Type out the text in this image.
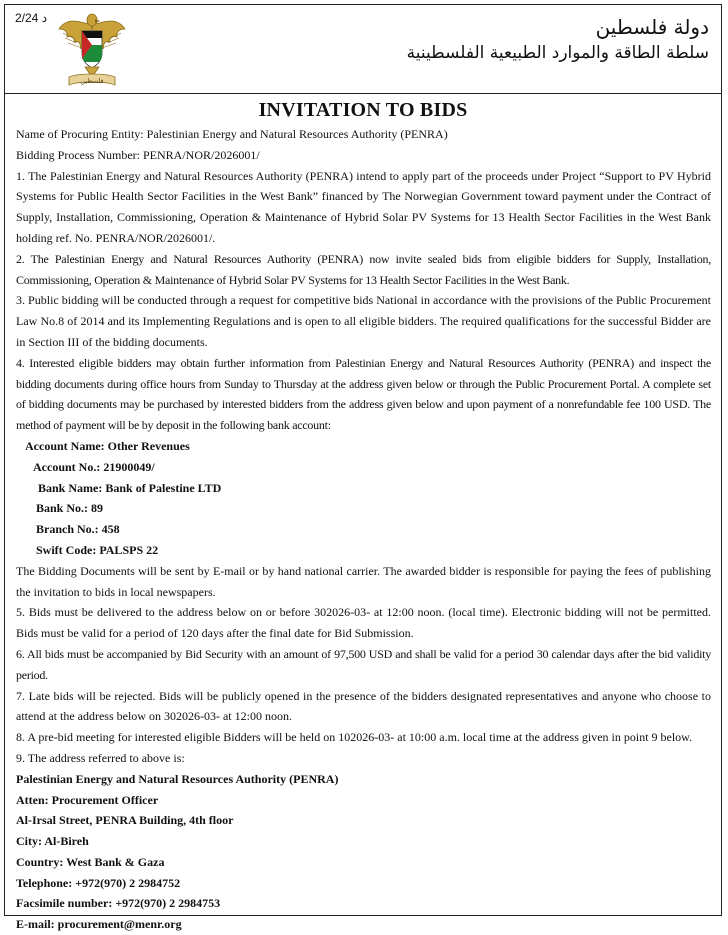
2/24 د
فلسطين
دولة فلسطين
سلطة الطاقة والموارد الطبيعية الفلسطينية
INVITATION TO BIDS

Name of Procuring Entity: Palestinian Energy and Natural Resources Authority (PENRA)

Bidding Process Number: PENRA/NOR/2026001/

1. The Palestinian Energy and Natural Resources Authority (PENRA) intend to apply part of the proceeds under Project “Support to PV Hybrid Systems for Public Health Sector Facilities in the West Bank” financed by The Norwegian Government toward payment under the Contract of Supply, Installation, Commissioning, Operation & Maintenance of Hybrid Solar PV Systems for 13 Health Sector Facilities in the West Bank holding ref. No. PENRA/NOR/2026001/.

2. The Palestinian Energy and Natural Resources Authority (PENRA) now invite sealed bids from eligible bidders for Supply, Installation, Commissioning, Operation & Maintenance of Hybrid Solar PV Systems for 13 Health Sector Facilities in the West Bank.

3. Public bidding will be conducted through a request for competitive bids National in accordance with the provisions of the Public Procurement Law No.8 of 2014 and its Implementing Regulations and is open to all eligible bidders. The required qualifications for the successful Bidder are in Section III of the bidding documents.

4. Interested eligible bidders may obtain further information from Palestinian Energy and Natural Resources Authority (PENRA) and inspect the bidding documents during office hours from Sunday to Thursday at the address given below or through the Public Procurement Portal. A complete set of bidding documents may be purchased by interested bidders from the address given below and upon payment of a nonrefundable fee 100 USD. The method of payment will be by deposit in the following bank account:

Account Name: Other Revenues

Account No.: 21900049/

Bank Name: Bank of Palestine LTD

Bank No.: 89

Branch No.: 458

Swift Code: PALSPS 22

The Bidding Documents will be sent by E-mail or by hand national carrier. The awarded bidder is responsible for paying the fees of publishing the invitation to bids in local newspapers.

5. Bids must be delivered to the address below on or before 302026-03- at 12:00 noon. (local time). Electronic bidding will not be permitted. Bids must be valid for a period of 120 days after the final date for Bid Submission.

6. All bids must be accompanied by Bid Security with an amount of 97,500 USD and shall be valid for a period 30 calendar days after the bid validity period.

7. Late bids will be rejected. Bids will be publicly opened in the presence of the bidders designated representatives and anyone who choose to attend at the address below on 302026-03- at 12:00 noon.

8. A pre-bid meeting for interested eligible Bidders will be held on 102026-03- at 10:00 a.m. local time at the address given in point 9 below.

9. The address referred to above is:

Palestinian Energy and Natural Resources Authority (PENRA)

Atten: Procurement Officer

Al-Irsal Street, PENRA Building, 4th floor

City: Al-Bireh

Country: West Bank & Gaza

Telephone: +972(970) 2 2984752

Facsimile number: +972(970) 2 2984753

E-mail: procurement@menr.org
